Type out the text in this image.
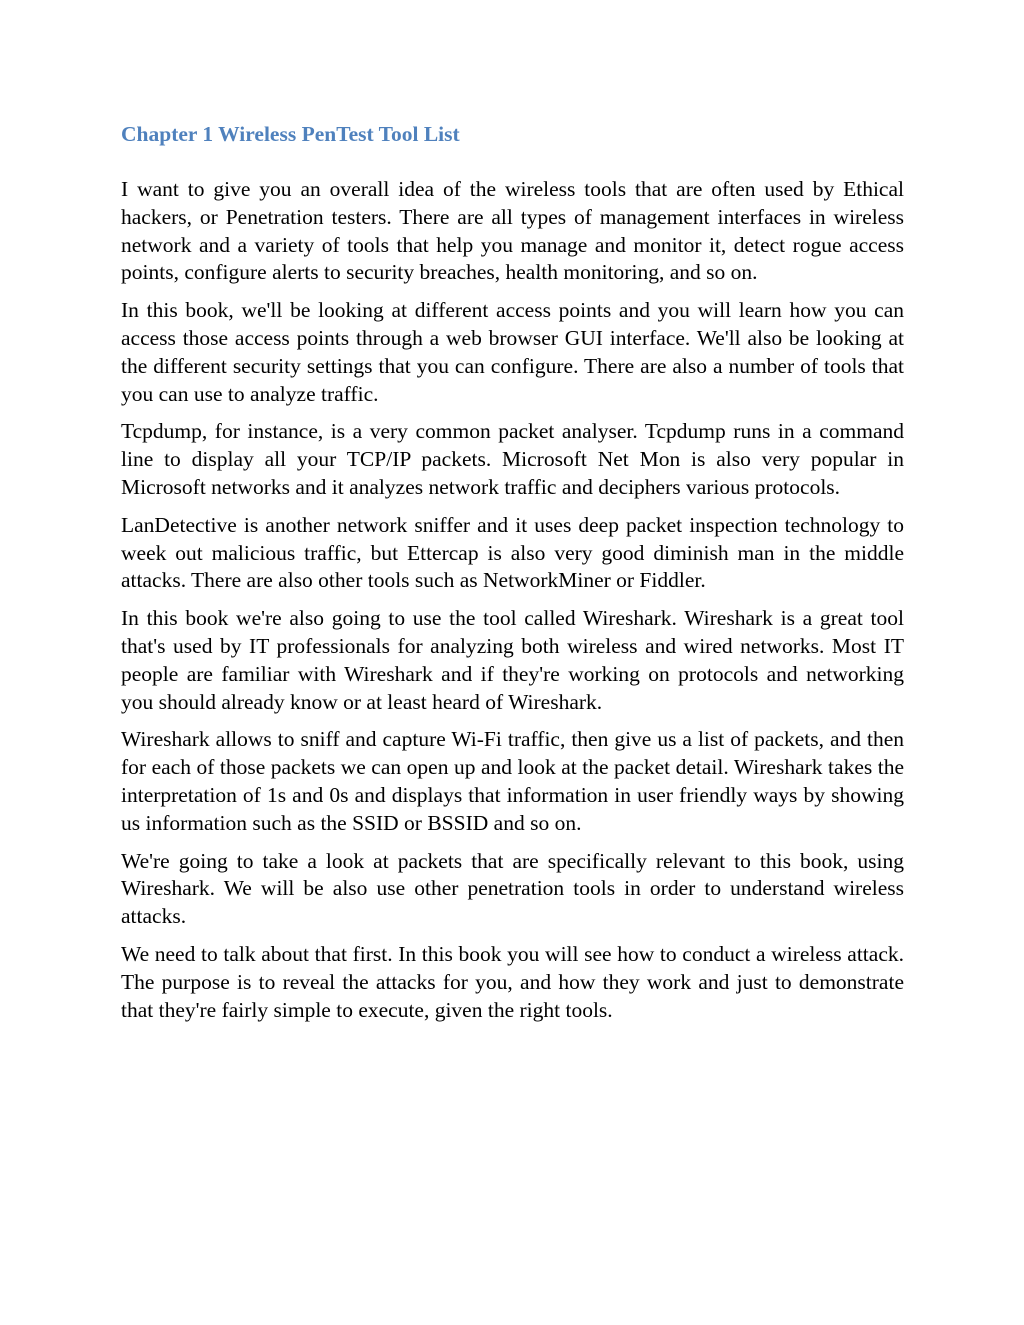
Chapter 1 Wireless PenTest Tool List

I want to give you an overall idea of the wireless tools that are often used by Ethical hackers, or Penetration testers. There are all types of management interfaces in wireless network and a variety of tools that help you manage and monitor it, detect rogue access points, configure alerts to security breaches, health monitoring, and so on.

In this book, we'll be looking at different access points and you will learn how you can access those access points through a web browser GUI interface. We'll also be looking at the different security settings that you can configure. There are also a number of tools that you can use to analyze traffic.

Tcpdump, for instance, is a very common packet analyser. Tcpdump runs in a command line to display all your TCP/IP packets. Microsoft Net Mon is also very popular in Microsoft networks and it analyzes network traffic and deciphers various protocols.

LanDetective is another network sniffer and it uses deep packet inspection technology to week out malicious traffic, but Ettercap is also very good diminish man in the middle attacks. There are also other tools such as NetworkMiner or Fiddler.

In this book we're also going to use the tool called Wireshark. Wireshark is a great tool that's used by IT professionals for analyzing both wireless and wired networks. Most IT people are familiar with Wireshark and if they're working on protocols and networking you should already know or at least heard of Wireshark.

Wireshark allows to sniff and capture Wi-Fi traffic, then give us a list of packets, and then for each of those packets we can open up and look at the packet detail. Wireshark takes the interpretation of 1s and 0s and displays that information in user friendly ways by showing us information such as the SSID or BSSID and so on.

We're going to take a look at packets that are specifically relevant to this book, using Wireshark. We will be also use other penetration tools in order to understand wireless attacks.

We need to talk about that first. In this book you will see how to conduct a wireless attack. The purpose is to reveal the attacks for you, and how they work and just to demonstrate that they're fairly simple to execute, given the right tools.
